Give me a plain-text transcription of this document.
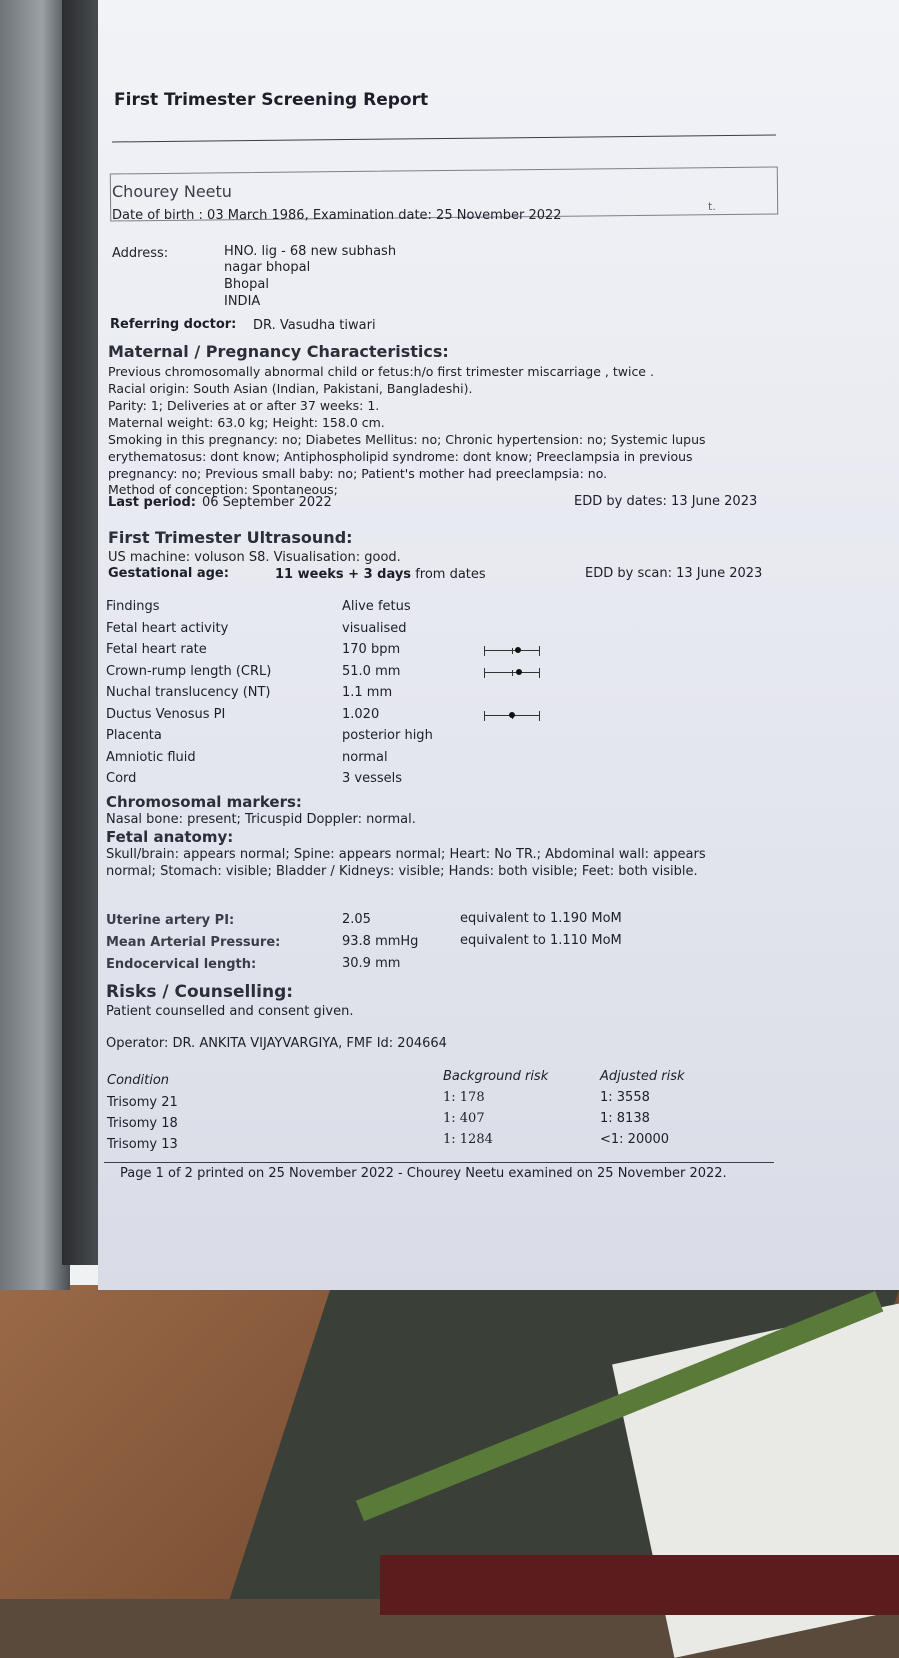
First Trimester Screening Report
Chourey Neetu
Date of birth : 03 March 1986, Examination date: 25 November 2022
t.
Address:	HNO. lig - 68 new subhash
nagar bhopal
Bhopal
INDIA
Referring doctor: DR. Vasudha tiwari
Maternal / Pregnancy Characteristics:
Previous chromosomally abnormal child or fetus:h/o first trimester miscarriage , twice .
Racial origin: South Asian (Indian, Pakistani, Bangladeshi).
Parity: 1; Deliveries at or after 37 weeks: 1.
Maternal weight: 63.0 kg; Height: 158.0 cm.
Smoking in this pregnancy: no; Diabetes Mellitus: no; Chronic hypertension: no; Systemic lupus
erythematosus: dont know; Antiphospholipid syndrome: dont know; Preeclampsia in previous
pregnancy: no; Previous small baby: no; Patient's mother had preeclampsia: no.
Method of conception: Spontaneous;
Last period: 06 September 2022	EDD by dates: 13 June 2023
First Trimester Ultrasound:
US machine: voluson S8. Visualisation: good.
Gestational age:	11 weeks + 3 days from dates	EDD by scan: 13 June 2023
Findings	Alive fetus
Fetal heart activity	visualised
Fetal heart rate	170 bpm
Crown-rump length (CRL)	51.0 mm
Nuchal translucency (NT)	1.1 mm
Ductus Venosus PI	1.020
Placenta	posterior high
Amniotic fluid	normal
Cord	3 vessels
Chromosomal markers:
Nasal bone: present; Tricuspid Doppler: normal.
Fetal anatomy:
Skull/brain: appears normal; Spine: appears normal; Heart: No TR.; Abdominal wall: appears
normal; Stomach: visible; Bladder / Kidneys: visible; Hands: both visible; Feet: both visible.
Uterine artery PI:	2.05	equivalent to 1.190 MoM
Mean Arterial Pressure:	93.8 mmHg	equivalent to 1.110 MoM
Endocervical length:	30.9 mm
Risks / Counselling:
Patient counselled and consent given.
Operator: DR. ANKITA VIJAYVARGIYA, FMF Id: 204664
Condition	Background risk	Adjusted risk
Trisomy 21	1: 178	1: 3558
Trisomy 18	1: 407	1: 8138
Trisomy 13	1: 1284	<1: 20000
Page 1 of 2 printed on 25 November 2022 - Chourey Neetu examined on 25 November 2022.
